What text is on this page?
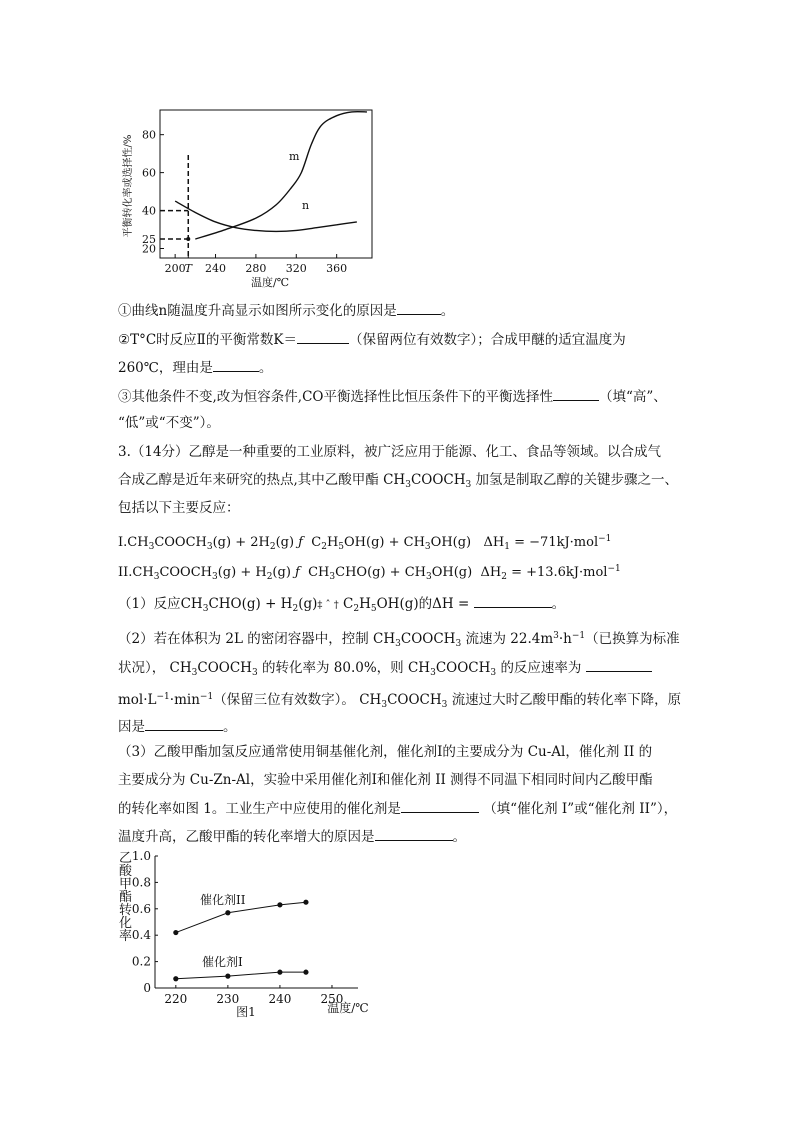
平衡转化率或选择性/%
20
25
40
60
80
200
T 240 280 320 360
m
n
温度/℃
①曲线n随温度升高显示如图所示变化的原因是	。
②T°C时反应Ⅱ的平衡常数K＝	（保留两位有效数字）；合成甲醚的适宜温度为
260℃，理由是	。
③其他条件不变,改为恒容条件,CO平衡选择性比恒压条件下的平衡选择性	（填“高”、
“低”或“不变”）。
3.（14分）乙醇是一种重要的工业原料，被广泛应用于能源、化工、食品等领域。以合成气
合成乙醇是近年来研究的热点,其中乙酸甲酯 $CH_3COOCH_3$ 加氢是制取乙醇的关键步骤之一、
包括以下主要反应：
$I.CH_3COOCH_3(g) + 2H_2(g)$ ƒ  $C_2H_5OH(g) + CH_3OH(g) \Delta H_1 = -71kJ\cdot mol^{-1}$
$II.CH_3COOCH_3(g) + H_2(g)$ ƒ  $CH_3CHO(g) + CH_3OH(g) \Delta H_2 = +13.6kJ\cdot mol^{-1}$
（1）反应$CH_3CHO(g)$ + $H_2(g)\ddagger$ ˆ † $C_2H_5OH(g)$的ΔH =	。
（2）若在体积为 2L 的密闭容器中，控制 $CH_3COOCH_3$ 流速为 $22.4m^3\cdot h^{-1}$（已换算为标准
状况）， $CH_3COOCH_3$ 的转化率为 80.0%，则 $CH_3COOCH_3$ 的反应速率为
$mol\cdot L^{-1}\cdot\min^{-1}$（保留三位有效数字）。 $CH_3COOCH_3$ 流速过大时乙酸甲酯的转化率下降，原
因是	。
（3）乙酸甲酯加氢反应通常使用铜基催化剂，催化剂Ⅰ的主要成分为 Cu-Al，催化剂 II 的
主要成分为 Cu-Zn-Al，实验中采用催化剂Ⅰ和催化剂 II 测得不同温下相同时间内乙酸甲酯
的转化率如图 1。工业生产中应使用的催化剂是	（填“催化剂 I”或“催化剂 II”），
温度升高，乙酸甲酯的转化率增大的原因是	。
乙
酸
甲
酯
转
化
率
0
0.2
0.4
0.6
0.8
1.0
220 230 240 250
催化剂II
催化剂I
图1	温度/℃
